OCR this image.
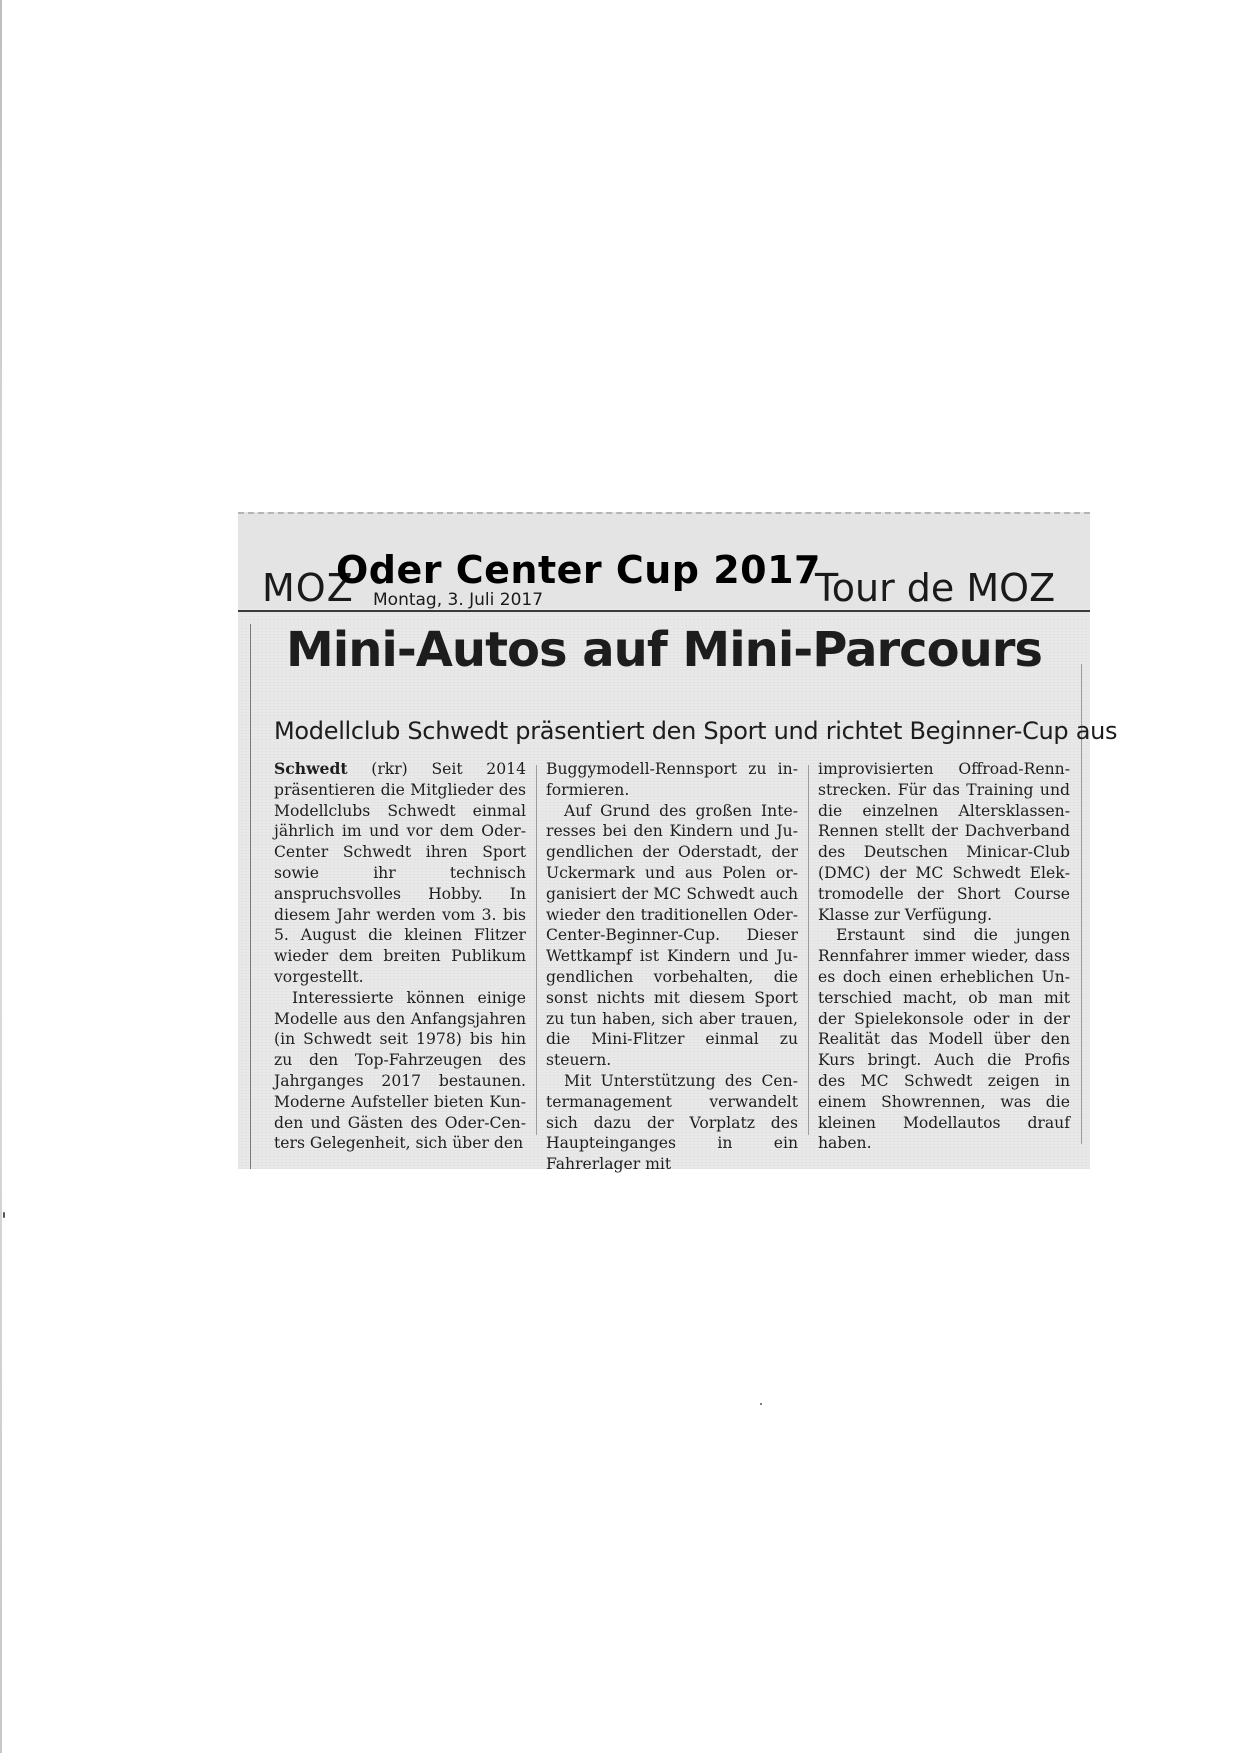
MOZ Montag, 3. Juli 2017
Oder Center Cup 2017
Tour de MOZ
Mini-Autos auf Mini-Parcours
Modellclub Schwedt präsentiert den Sport und richtet Beginner-Cup aus

Schwedt (rkr) Seit 2014 präsentieren die Mitglieder des Modellclubs Schwedt einmal jährlich im und vor dem Oder-Center Schwedt ihren Sport sowie ihr technisch anspruchsvolles Hobby. In diesem Jahr werden vom 3. bis 5. August die kleinen Flitzer wieder dem breiten Publikum vorgestellt.

Interessierte können einige Modelle aus den Anfangsjahren (in Schwedt seit 1978) bis hin zu den Top-Fahrzeugen des Jahrganges 2017 bestaunen. Moderne Aufsteller bieten Kunden und Gästen des Oder-Centers Gelegenheit, sich über den

Buggymodell-Rennsport zu informieren.

Auf Grund des großen Interesses bei den Kindern und Jugendlichen der Oderstadt, der Uckermark und aus Polen organisiert der MC Schwedt auch wieder den traditionellen Oder-Center-Beginner-Cup. Dieser Wettkampf ist Kindern und Jugendlichen vorbehalten, die sonst nichts mit diesem Sport zu tun haben, sich aber trauen, die Mini-Flitzer einmal zu steuern.

Mit Unterstützung des Centermanagement verwandelt sich dazu der Vorplatz des Haupteinganges in ein Fahrerlager mit

improvisierten Offroad-Rennstrecken. Für das Training und die einzelnen Altersklassen-Rennen stellt der Dachverband des Deutschen Minicar-Club (DMC) der MC Schwedt Elektromodelle der Short Course Klasse zur Verfügung.

Erstaunt sind die jungen Rennfahrer immer wieder, dass es doch einen erheblichen Unterschied macht, ob man mit der Spielekonsole oder in der Realität das Modell über den Kurs bringt. Auch die Profis des MC Schwedt zeigen in einem Showrennen, was die kleinen Modellautos drauf haben.
